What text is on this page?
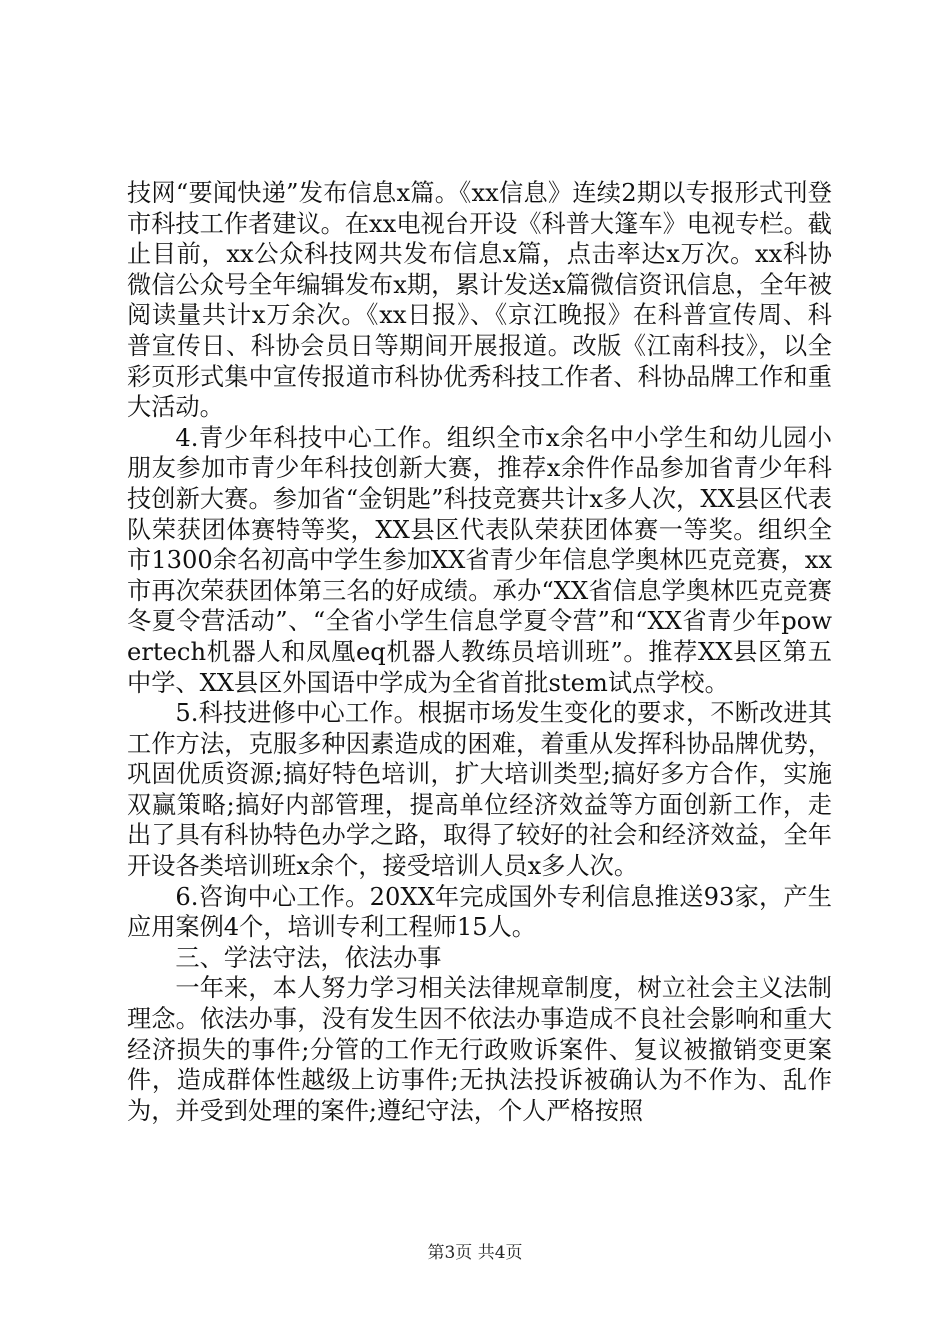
技网“要闻快递”发布信息x篇。《xx信息》连续2期以专报形式刊登市科技工作者建议。在xx电视台开设《科普大篷车》电视专栏。截止目前，xx公众科技网共发布信息x篇，点击率达x万次。xx科协微信公众号全年编辑发布x期，累计发送x篇微信资讯信息，全年被阅读量共计x万余次。《xx日报》、《京江晚报》在科普宣传周、科普宣传日、科协会员日等期间开展报道。改版《江南科技》，以全彩页形式集中宣传报道市科协优秀科技工作者、科协品牌工作和重大活动。

4.青少年科技中心工作。组织全市x余名中小学生和幼儿园小朋友参加市青少年科技创新大赛，推荐x余件作品参加省青少年科技创新大赛。参加省“金钥匙”科技竞赛共计x多人次，XX县区代表队荣获团体赛特等奖，XX县区代表队荣获团体赛一等奖。组织全市1300余名初高中学生参加XX省青少年信息学奥林匹克竞赛，xx市再次荣获团体第三名的好成绩。承办“XX省信息学奥林匹克竞赛冬夏令营活动”、“全省小学生信息学夏令营”和“XX省青少年powertech机器人和凤凰eq机器人教练员培训班”。推荐XX县区第五中学、XX县区外国语中学成为全省首批stem试点学校。

5.科技进修中心工作。根据市场发生变化的要求，不断改进其工作方法，克服多种因素造成的困难，着重从发挥科协品牌优势，巩固优质资源;搞好特色培训，扩大培训类型;搞好多方合作，实施双赢策略;搞好内部管理，提高单位经济效益等方面创新工作，走出了具有科协特色办学之路，取得了较好的社会和经济效益，全年开设各类培训班x余个，接受培训人员x多人次。

6.咨询中心工作。20XX年完成国外专利信息推送93家，产生应用案例4个，培训专利工程师15人。

三、学法守法，依法办事

一年来，本人努力学习相关法律规章制度，树立社会主义法制理念。依法办事，没有发生因不依法办事造成不良社会影响和重大经济损失的事件;分管的工作无行政败诉案件、复议被撤销变更案件，造成群体性越级上访事件;无执法投诉被确认为不作为、乱作为，并受到处理的案件;遵纪守法，个人严格按照

第3页 共4页
